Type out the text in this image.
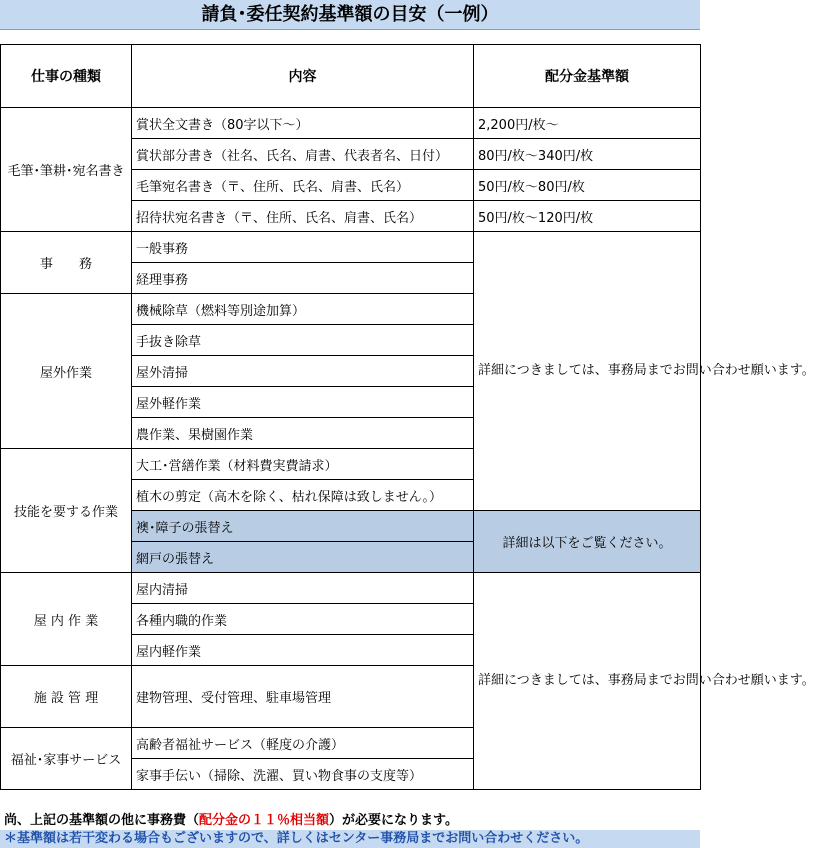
請負･委任契約基準額の目安（一例）
仕事の種類	内容	配分金基準額
毛筆･筆耕･宛名書き	賞状全文書き（80字以下～）	2,200円/枚～
	賞状部分書き（社名、氏名、肩書、代表者名、日付）	80円/枚～340円/枚
	毛筆宛名書き（〒、住所、氏名、肩書、氏名）	50円/枚～80円/枚
	招待状宛名書き（〒、住所、氏名、肩書、氏名）	50円/枚～120円/枚
事　　務	一般事務	詳細につきましては、事務局までお問い合わせ願います。
	経理事務	
屋外作業	機械除草（燃料等別途加算）	
	手抜き除草	
	屋外清掃	
	屋外軽作業	
	農作業、果樹園作業	
技能を要する作業	大工･営繕作業（材料費実費請求）	
	植木の剪定（高木を除く、枯れ保障は致しません。）	
	襖･障子の張替え	詳細は以下をご覧ください。
	網戸の張替え	
屋 内 作 業	屋内清掃	詳細につきましては、事務局までお問い合わせ願います。
	各種内職的作業	
	屋内軽作業	
施 設 管 理	建物管理、受付管理、駐車場管理	
福祉･家事サービス	高齢者福祉サービス（軽度の介護）	
	家事手伝い（掃除、洗濯、買い物食事の支度等）	
尚、上記の基準額の他に事務費（配分金の１１％相当額）が必要になります。
＊基準額は若干変わる場合もございますので、詳しくはセンター事務局までお問い合わせください。
